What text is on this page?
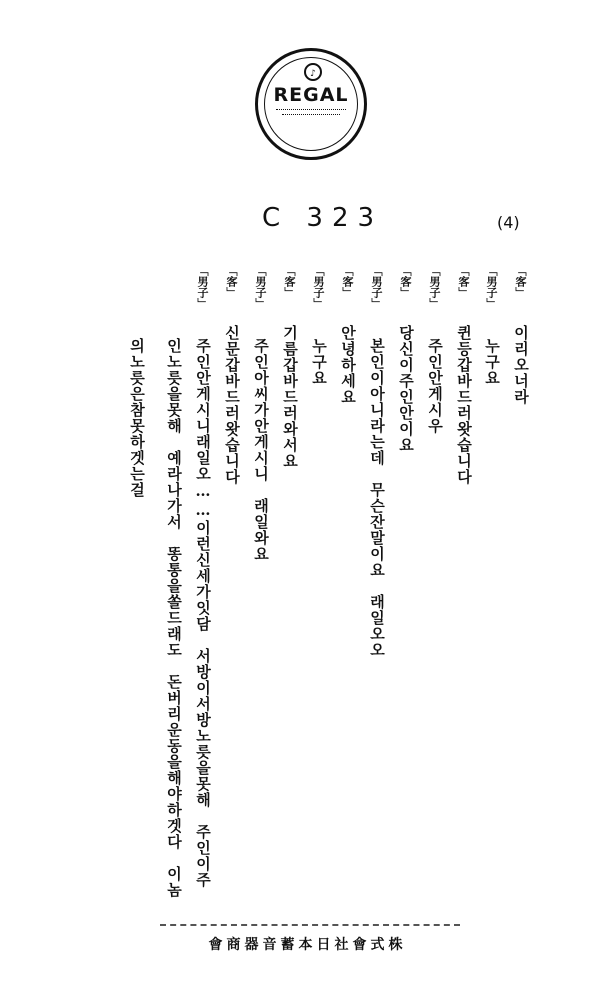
♪
REGAL
C 323	(4)
「客」
이리오너라
「男子」
누구요
「客」
퀸등갑바드러왓습니다
「男子」
주인안게시우
「客」
당신이주인안이요
「男子」
본인이아니라는데　무슨잔말이요　래일오오
「客」
안녕하세요
「男子」
누구요
「客」
기름갑바드러와서요
「男子」
주인아씨가안게시니　래일와요
「客」
신문갑바드러왓습니다
「男子」
주인안게시니래일오……이런신세가잇담　서방이서방노릇을못해　주인이주
인노릇을못해　예라나가서　똥통을쏠드래도　돈버리운동을해야하겟다　이놈
의노릇은참못하겟는걸
會商器音蓄本日社會式株
